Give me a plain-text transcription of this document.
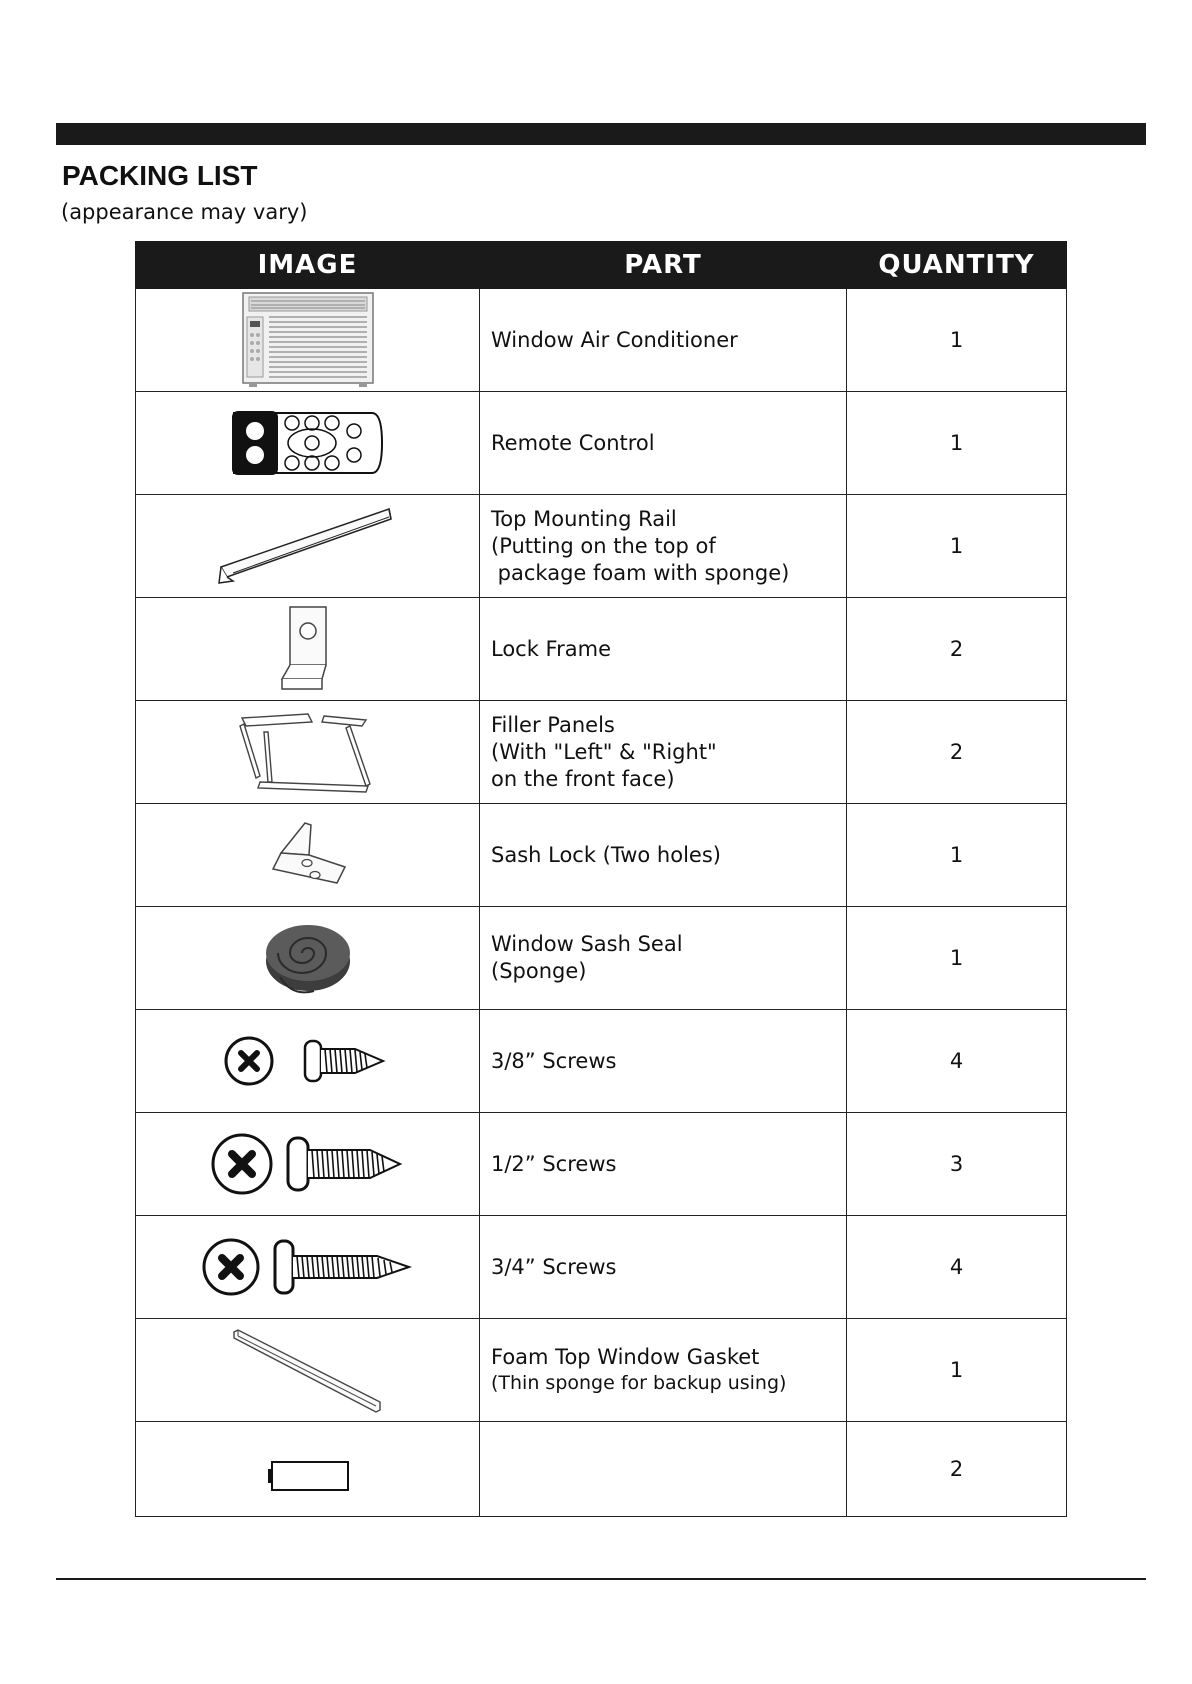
PACKING LIST
(appearance may vary)
IMAGE	PART	QUANTITY

Window Air Conditioner	1

Remote Control	1

Top Mounting Rail
(Putting on the top of
package foam with sponge)	1

Lock Frame	2

Filler Panels
(With "Left" & "Right"
on the front face)	2

Sash Lock (Two holes)	1

Window Sash Seal
(Sponge)	1

3/8” Screws	4

1/2” Screws	3

3/4” Screws	4

Foam Top Window Gasket
(Thin sponge for backup using)	1

		2
